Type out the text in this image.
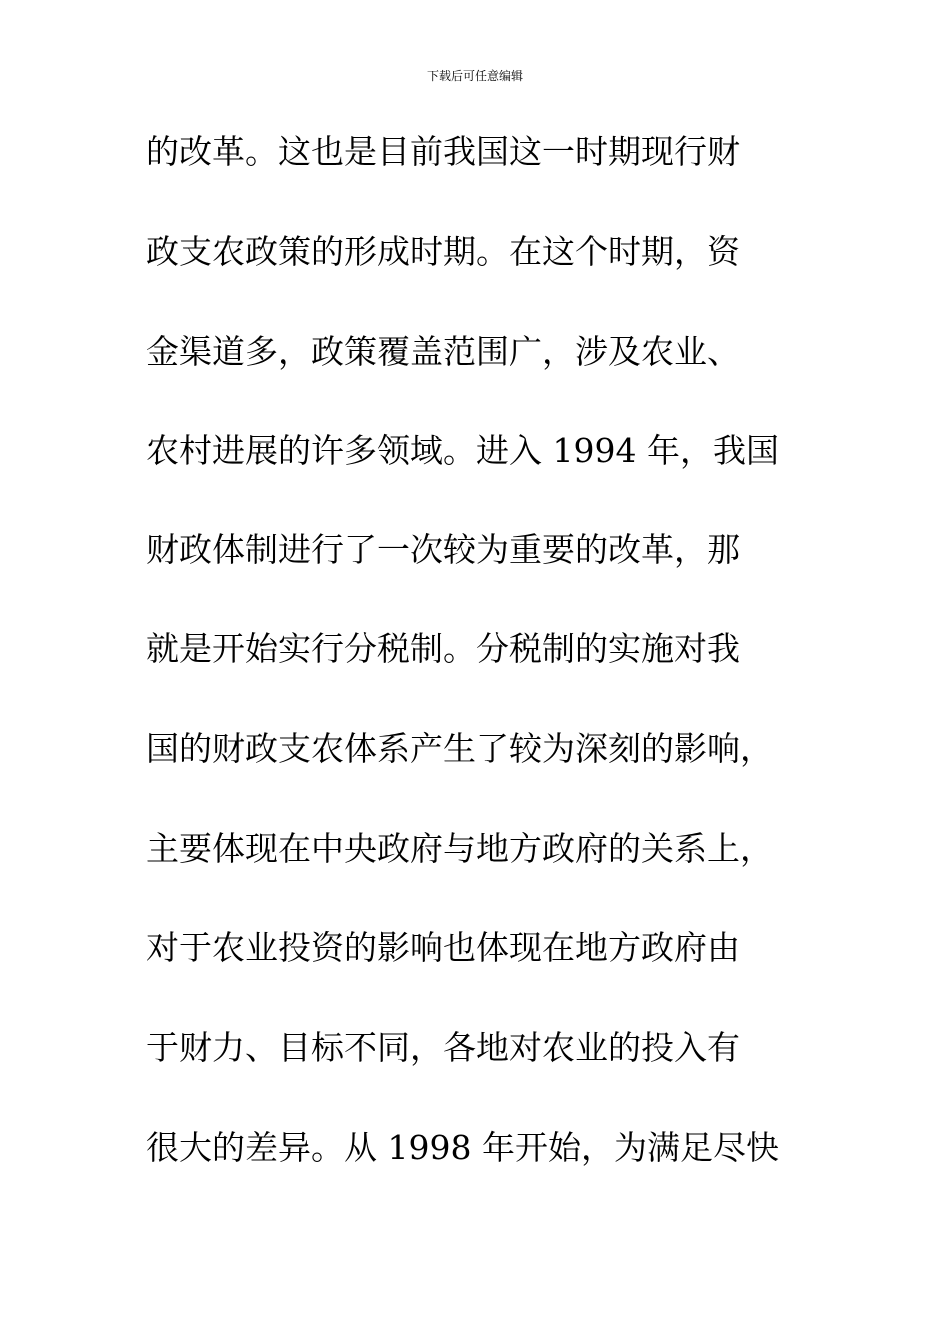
下载后可任意编辑
的改革。这也是目前我国这一时期现行财
政支农政策的形成时期。在这个时期，资
金渠道多，政策覆盖范围广，涉及农业、
农村进展的许多领域。进入 1994 年，我国
财政体制进行了一次较为重要的改革，那
就是开始实行分税制。分税制的实施对我
国的财政支农体系产生了较为深刻的影响，
主要体现在中央政府与地方政府的关系上，
对于农业投资的影响也体现在地方政府由
于财力、目标不同，各地对农业的投入有
很大的差异。从 1998 年开始，为满足尽快
